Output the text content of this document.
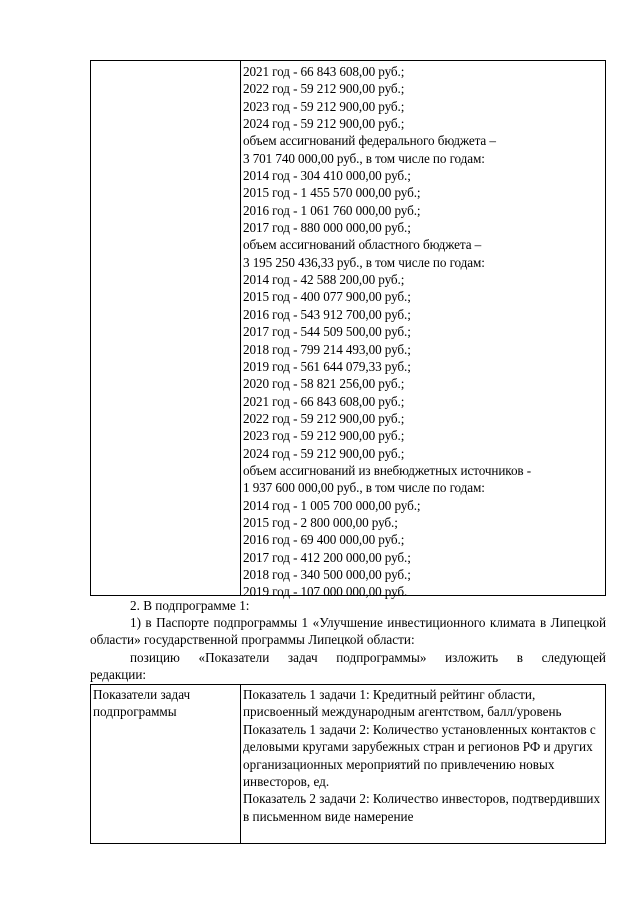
2021 год - 66 843 608,00 руб.;
2022 год - 59 212 900,00 руб.;
2023 год - 59 212 900,00 руб.;
2024 год - 59 212 900,00 руб.;
объем ассигнований федерального бюджета –
3 701 740 000,00 руб., в том числе по годам:
2014 год - 304 410 000,00 руб.;
2015 год - 1 455 570 000,00 руб.;
2016 год - 1 061 760 000,00 руб.;
2017 год - 880 000 000,00 руб.;
объем ассигнований областного бюджета –
3 195 250 436,33 руб., в том числе по годам:
2014 год - 42 588 200,00 руб.;
2015 год - 400 077 900,00 руб.;
2016 год - 543 912 700,00 руб.;
2017 год - 544 509 500,00 руб.;
2018 год - 799 214 493,00 руб.;
2019 год - 561 644 079,33 руб.;
2020 год - 58 821 256,00 руб.;
2021 год - 66 843 608,00 руб.;
2022 год - 59 212 900,00 руб.;
2023 год - 59 212 900,00 руб.;
2024 год - 59 212 900,00 руб.;
объем ассигнований из внебюджетных источников -
1 937 600 000,00 руб., в том числе по годам:
2014 год - 1 005 700 000,00 руб.;
2015 год - 2 800 000,00 руб.;
2016 год - 69 400 000,00 руб.;
2017 год - 412 200 000,00 руб.;
2018 год - 340 500 000,00 руб.;
2019 год - 107 000 000,00 руб.
2. В подпрограмме 1:
1) в Паспорте подпрограммы 1 «Улучшение инвестиционного климата в Липецкой области» государственной программы Липецкой области:
позицию «Показатели задач подпрограммы» изложить в следующей
редакции:
Показатели задач подпрограммы
Показатель 1 задачи 1: Кредитный рейтинг области, присвоенный международным агентством, балл/уровень
Показатель 1 задачи 2: Количество установленных контактов с деловыми кругами зарубежных стран и регионов РФ и других организационных мероприятий по привлечению новых инвесторов, ед.
Показатель 2 задачи 2: Количество инвесторов, подтвердивших в письменном виде намерение
